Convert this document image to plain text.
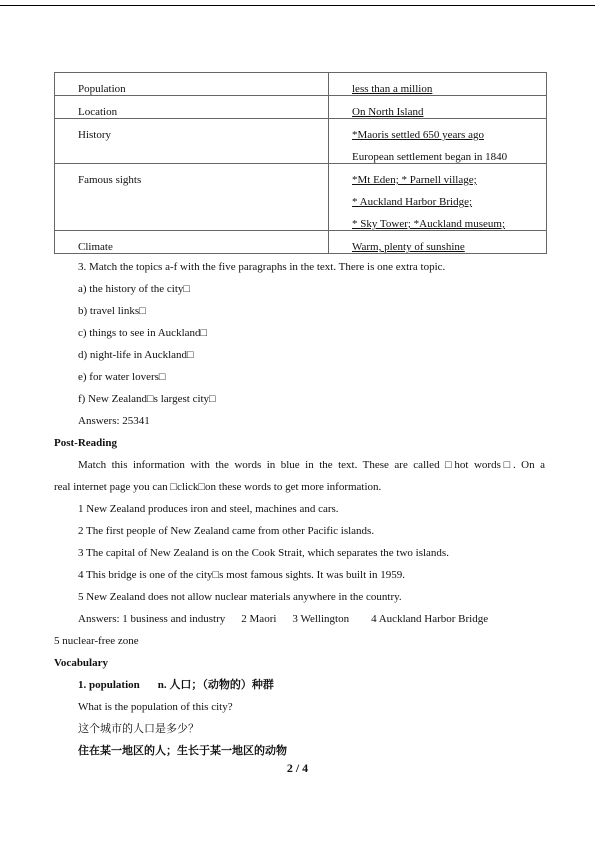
Population	less than a million

Location	On North Island

History	*Maoris settled 650 years ago
European settlement began in 1840

Famous sights	*Mt Eden; * Parnell village;
* Auckland Harbor Bridge;
* Sky Tower; *Auckland museum;

Climate	Warm, plenty of sunshine
3. Match the topics a-f with the five paragraphs in the text. There is one extra topic.
a) the history of the city□
b) travel links□
c) things to see in Auckland□
d) night-life in Auckland□
e) for water lovers□
f) New Zealand□s largest city□
Answers: 25341
Post-Reading
Match this information with the words in blue in the text. These are called □hot words□. On a
real internet page you can □click□on these words to get more information.
1 New Zealand produces iron and steel, machines and cars.
2 The first people of New Zealand came from other Pacific islands.
3 The capital of New Zealand is on the Cook Strait, which separates the two islands.
4 This bridge is one of the city□s most famous sights. It was built in 1959.
5 New Zealand does not allow nuclear materials anywhere in the country.
Answers: 1 business and industry 2 Maori 3 Wellington 4 Auckland Harbor Bridge
5 nuclear-free zone
Vocabulary
1. population n. 人口；（动物的）种群
What is the population of this city?
这个城市的人口是多少？
住在某一地区的人；生长于某一地区的动物
2 / 4
